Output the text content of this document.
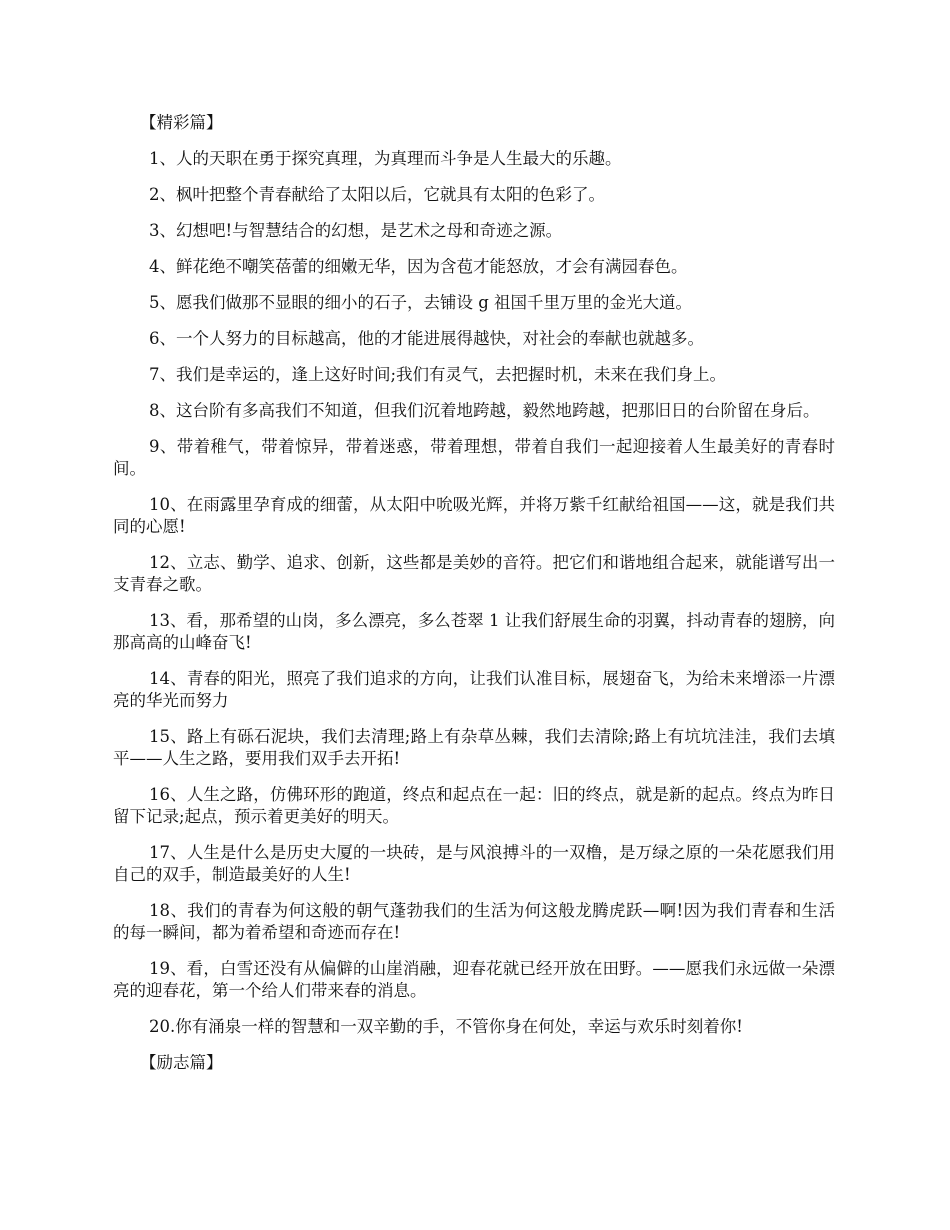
【精彩篇】

1、人的天职在勇于探究真理，为真理而斗争是人生最大的乐趣。

2、枫叶把整个青春献给了太阳以后，它就具有太阳的色彩了。

3、幻想吧!与智慧结合的幻想，是艺术之母和奇迹之源。

4、鲜花绝不嘲笑蓓蕾的细嫩无华，因为含苞才能怒放，才会有满园春色。

5、愿我们做那不显眼的细小的石子，去铺设 g 祖国千里万里的金光大道。

6、一个人努力的目标越高，他的才能进展得越快，对社会的奉献也就越多。

7、我们是幸运的，逢上这好时间;我们有灵气，去把握时机，未来在我们身上。

8、这台阶有多高我们不知道，但我们沉着地跨越，毅然地跨越，把那旧日的台阶留在身后。

9、带着稚气，带着惊异，带着迷惑，带着理想，带着自我们一起迎接着人生最美好的青春时间。

10、在雨露里孕育成的细蕾，从太阳中吮吸光辉，并将万紫千红献给祖国——这，就是我们共同的心愿!

12、立志、勤学、追求、创新，这些都是美妙的音符。把它们和谐地组合起来，就能谱写出一支青春之歌。

13、看，那希望的山岗，多么漂亮，多么苍翠 1 让我们舒展生命的羽翼，抖动青春的翅膀，向那高高的山峰奋飞!

14、青春的阳光，照亮了我们追求的方向，让我们认准目标，展翅奋飞，为给未来增添一片漂亮的华光而努力

15、路上有砾石泥块，我们去清理;路上有杂草丛棘，我们去清除;路上有坑坑洼洼，我们去填平——人生之路，要用我们双手去开拓!

16、人生之路，仿佛环形的跑道，终点和起点在一起：旧的终点，就是新的起点。终点为昨日留下记录;起点，预示着更美好的明天。

17、人生是什么是历史大厦的一块砖，是与风浪搏斗的一双橹，是万绿之原的一朵花愿我们用自己的双手，制造最美好的人生!

18、我们的青春为何这般的朝气蓬勃我们的生活为何这般龙腾虎跃—啊!因为我们青春和生活的每一瞬间，都为着希望和奇迹而存在!

19、看，白雪还没有从偏僻的山崖消融，迎春花就已经开放在田野。——愿我们永远做一朵漂亮的迎春花，第一个给人们带来春的消息。

20.你有涌泉一样的智慧和一双辛勤的手，不管你身在何处，幸运与欢乐时刻着你!

【励志篇】
